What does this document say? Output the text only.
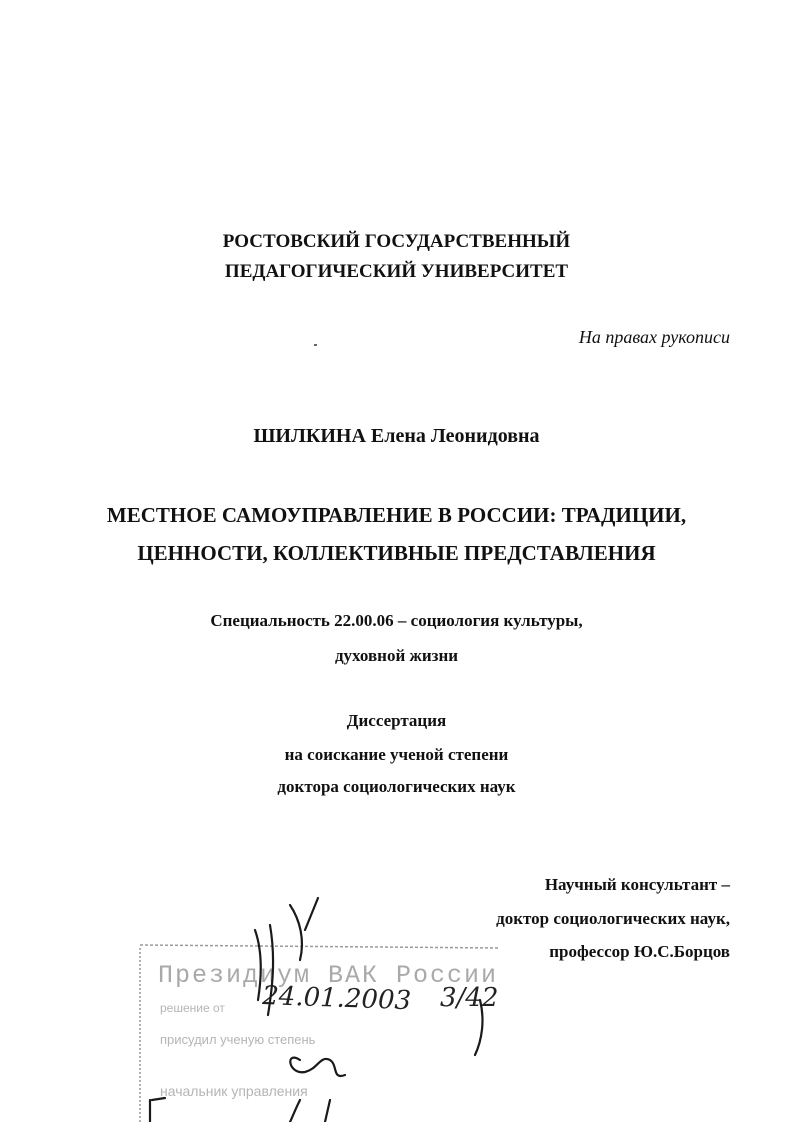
РОСТОВСКИЙ ГОСУДАРСТВЕННЫЙ
ПЕДАГОГИЧЕСКИЙ УНИВЕРСИТЕТ
На правах рукописи
ШИЛКИНА Елена Леонидовна
МЕСТНОЕ САМОУПРАВЛЕНИЕ В РОССИИ: ТРАДИЦИИ,
ЦЕННОСТИ, КОЛЛЕКТИВНЫЕ ПРЕДСТАВЛЕНИЯ
Специальность 22.00.06 – социология культуры,
духовной жизни
Диссертация
на соискание ученой степени
доктора социологических наук
Научный консультант –
доктор социологических наук,
профессор Ю.С.Борцов
Президиум ВАК России
решение от
присудил ученую степень
начальник управления
24.01.2003 3/42
